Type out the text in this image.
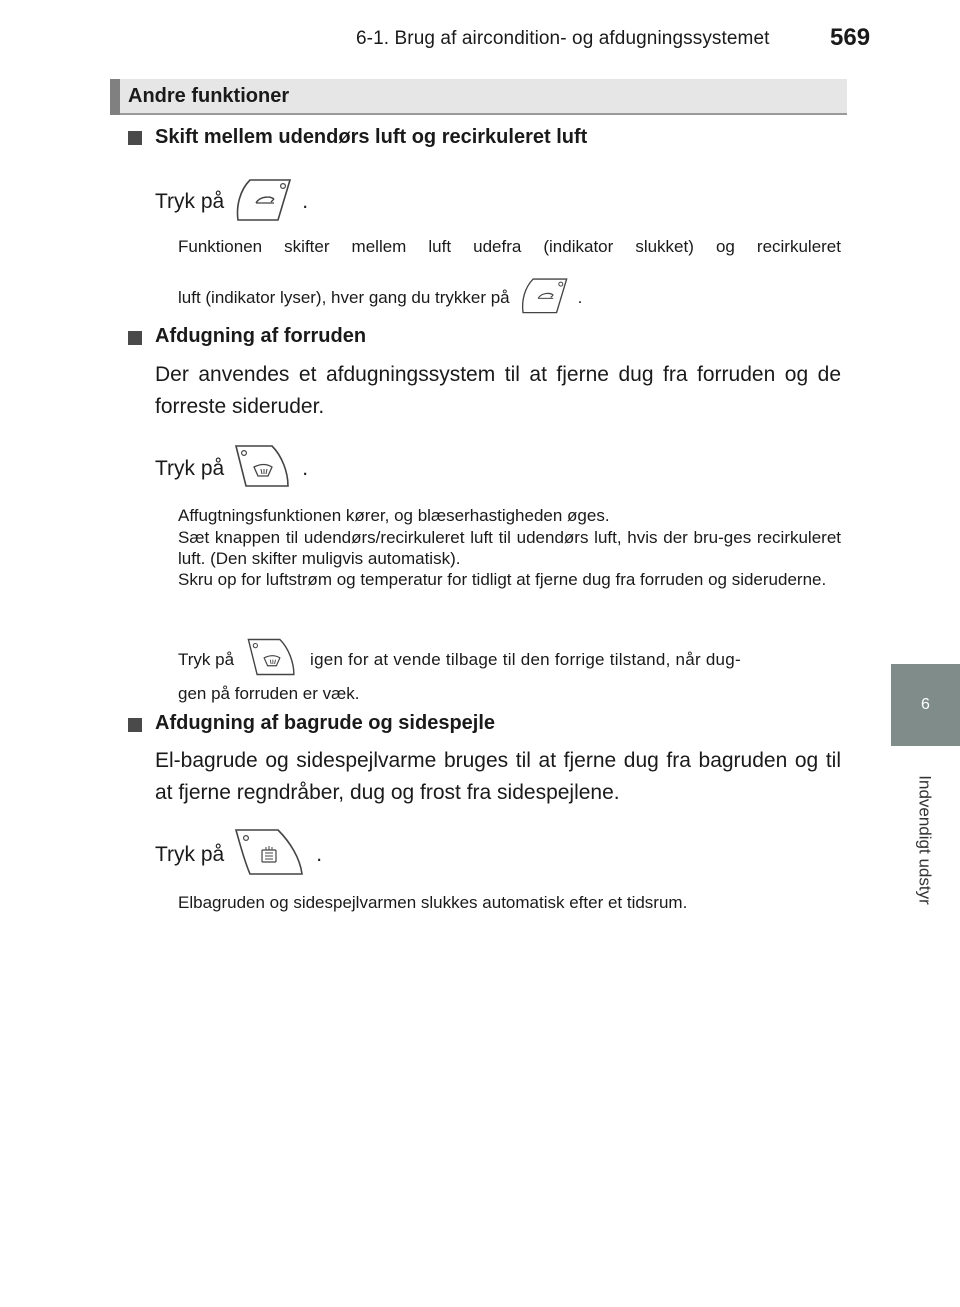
6-1. Brug af aircondition- og afdugningssystemet	569
6
Indvendigt udstyr
Andre funktioner
Skift mellem udendørs luft og recirkuleret luft
Tryk på	.
Funktionen skifter mellem luft udefra (indikator slukket) og recirkuleret
luft (indikator lyser), hver gang du trykker på	.
Afdugning af forruden
Der anvendes et afdugningssystem til at fjerne dug fra forruden og de forreste sideruder.
Tryk på	.
Affugtningsfunktionen kører, og blæserhastigheden øges.
Sæt knappen til udendørs/recirkuleret luft til udendørs luft, hvis der bru-ges recirkuleret luft. (Den skifter muligvis automatisk).
Skru op for luftstrøm og temperatur for tidligt at fjerne dug fra forruden og sideruderne.
Tryk på	igen for at vende tilbage til den forrige tilstand, når dug-
gen på forruden er væk.
Afdugning af bagrude og sidespejle
El-bagrude og sidespejlvarme bruges til at fjerne dug fra bagruden og til at fjerne regndråber, dug og frost fra sidespejlene.
Tryk på	.
Elbagruden og sidespejlvarmen slukkes automatisk efter et tidsrum.
